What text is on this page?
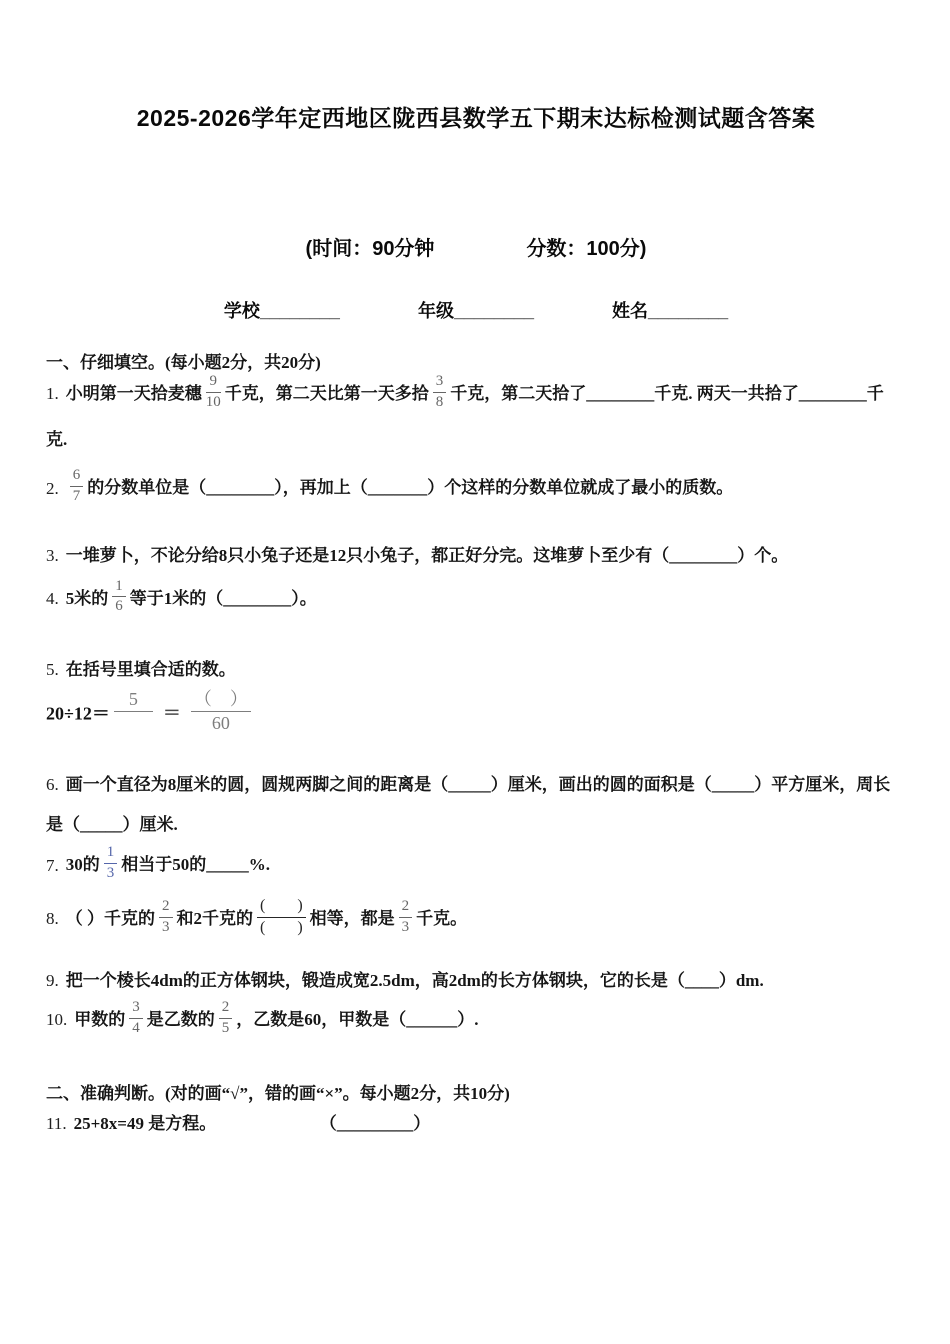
2025-2026学年定西地区陇西县数学五下期末达标检测试题含答案
(时间：90分钟	分数：100分)
学校________	年级________	姓名________
一、仔细填空。(每小题2分，共20分)
1. 小明第一天拾麦穗 $\frac{9}{10}$ 千克，第二天比第一天多拾 $\frac{3}{8}$ 千克，第二天拾了________千克. 两天一共拾了________千
克.
2. $\frac{6}{7}$ 的分数单位是（________），再加上（_______）个这样的分数单位就成了最小的质数。
3. 一堆萝卜，不论分给8只小兔子还是12只小兔子，都正好分完。这堆萝卜至少有（________）个。
4. 5米的 $\frac{1}{6}$ 等于1米的（________）。
5. 在括号里填合适的数。
20÷12＝
5
＝ $\frac{( )}{60}$
6. 画一个直径为8厘米的圆，圆规两脚之间的距离是（_____）厘米，画出的圆的面积是（_____）平方厘米，周长
是（_____）厘米.
7. 30的 $\frac{1}{3}$ 相当于50的_____%.
8. （ ）千克的 $\frac{2}{3}$ 和2千克的 $\frac{( )}{( )}$ 相等，都是 $\frac{2}{3}$ 千克。
9. 把一个棱长4dm的正方体钢块，锻造成宽2.5dm，高2dm的长方体钢块，它的长是（____）dm.
10. 甲数的 $\frac{3}{4}$ 是乙数的 $\frac{2}{5}$ ，乙数是60，甲数是（______）.
二、准确判断。(对的画“√”，错的画“×”。每小题2分，共10分)
11. 25+8x=49 是方程。	（_________）
